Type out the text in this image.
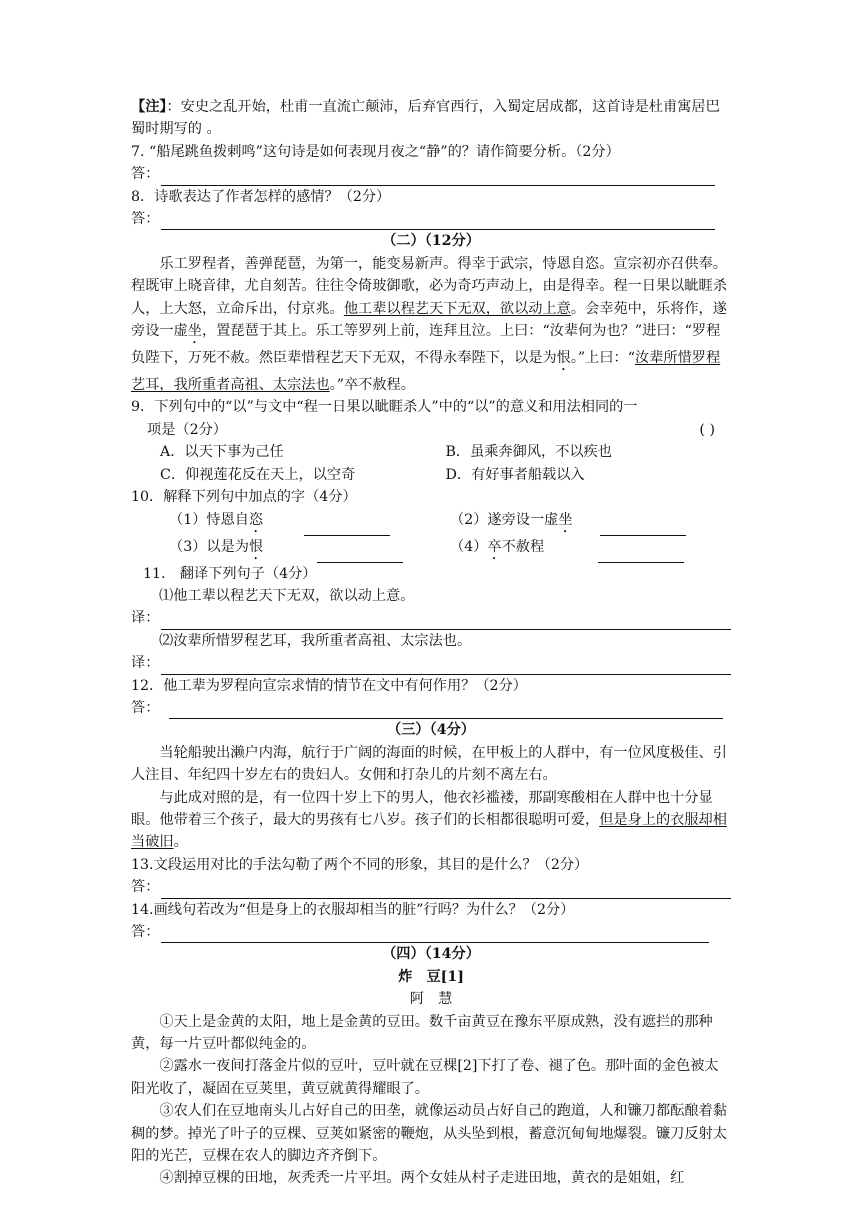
【注】：安史之乱开始，杜甫一直流亡颠沛，后弃官西行，入蜀定居成都，这首诗是杜甫寓居巴蜀时期写的 。

7. “船尾跳鱼拨剌鸣”这句诗是如何表现月夜之“静”的？请作简要分析。（2分）

答：

8．诗歌表达了作者怎样的感情？（2分）

答：

（二）（12分）

乐工罗程者，善弹琵琶，为第一，能变易新声。得幸于武宗，恃恩自恣。宣宗初亦召供奉。程既审上晓音律，尤自刻苦。往往令倚玻御歌，必为奇巧声动上，由是得幸。程一日果以眦睚杀人，上大怒，立命斥出，付京兆。他工辈以程艺天下无双，欲以动上意。会幸苑中，乐将作，遂旁设一虚坐，置琵琶于其上。乐工等罗列上前，连拜且泣。上曰：“汝辈何为也？”进曰：“罗程负陛下，万死不赦。然臣辈惜程艺天下无双，不得永奉陛下，以是为恨。”上曰：“汝辈所惜罗程艺耳，我所重者高祖、太宗法也。”卒不赦程。

9．下列句中的“以”与文中“程一日果以眦睚杀人”中的“以”的意义和用法相同的一

项是（2分）	( )
A．以天下事为己任	B．虽乘奔御风，不以疾也
C．仰视莲花反在天上，以空奇	D．有好事者船载以入

10．解释下列句中加点的字（4分）

（1）恃恩自恣	（2）遂旁设一虚坐
（3）以是为恨	（4）卒不赦程

11.　翻译下列句子（4分）

⑴他工辈以程艺天下无双，欲以动上意。

译：

⑵汝辈所惜罗程艺耳，我所重者高祖、太宗法也。

译：

12．他工辈为罗程向宣宗求情的情节在文中有何作用？（2分）

答：

（三）（4分）

当轮船驶出濑户内海，航行于广阔的海面的时候，在甲板上的人群中，有一位风度极佳、引人注目、年纪四十岁左右的贵妇人。女佣和打杂儿的片刻不离左右。

与此成对照的是，有一位四十岁上下的男人，他衣衫褴褛，那副寒酸相在人群中也十分显眼。他带着三个孩子，最大的男孩有七八岁。孩子们的长相都很聪明可爱，但是身上的衣服却相当破旧。

13.文段运用对比的手法勾勒了两个不同的形象，其目的是什么？（2分）

答：

14.画线句若改为“但是身上的衣服却相当的脏”行吗？为什么？（2分）

答：

（四）（14分）

炸　豆[1]

阿　慧

①天上是金黄的太阳，地上是金黄的豆田。数千亩黄豆在豫东平原成熟，没有遮拦的那种黄，每一片豆叶都似纯金的。

②露水一夜间打落金片似的豆叶，豆叶就在豆棵[2]下打了卷、褪了色。那叶面的金色被太阳光收了，凝固在豆荚里，黄豆就黄得耀眼了。

③农人们在豆地南头儿占好自己的田垄，就像运动员占好自己的跑道，人和镰刀都酝酿着黏稠的梦。掉光了叶子的豆棵、豆荚如紧密的鞭炮，从头坠到根，蓄意沉甸甸地爆裂。镰刀反射太阳的光芒，豆棵在农人的脚边齐齐倒下。

④割掉豆棵的田地，灰秃秃一片平坦。两个女娃从村子走进田地，黄衣的是姐姐，红
